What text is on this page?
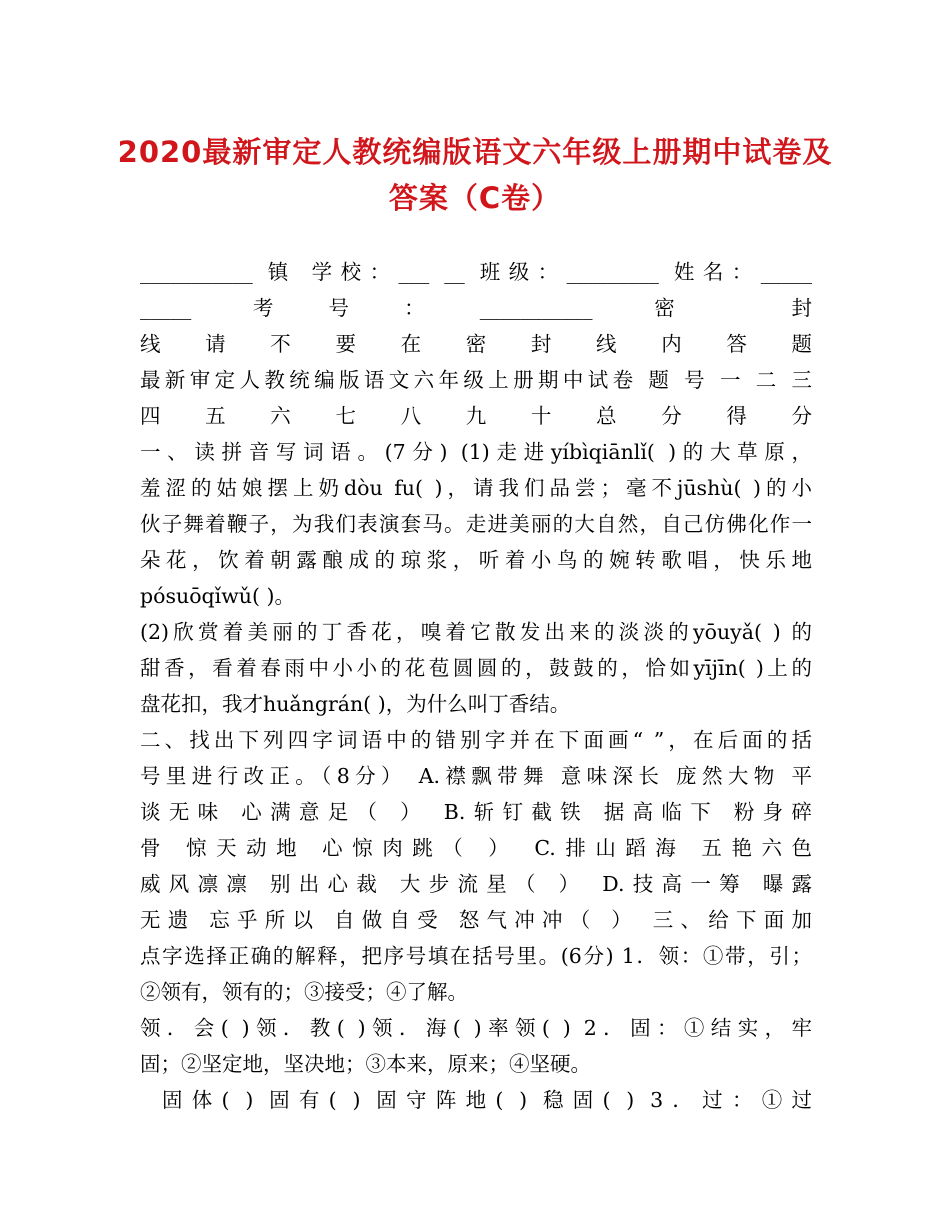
2020最新审定人教统编版语文六年级上册期中试卷及
答案（C卷）
___________ 镇 学校：___ __ 班级：_________ 姓名：_____
_____ 考号：___________ 密 封
线 请 不 要 在 密 封 线 内 答 题
最新审定人教统编版语文六年级上册期中试卷 题 号 一 二 三
四 五 六 七 八 九 十 总 分 得 分
一、读拼音写词语。(7分) (1)走进yíbìqiānlǐ( )的大草原，
羞涩的姑娘摆上奶dòu fu( )，请我们品尝；毫不jūshù( )的小
伙子舞着鞭子，为我们表演套马。走进美丽的大自然，自己仿佛化作一
朵花，饮着朝露酿成的琼浆，听着小鸟的婉转歌唱，快乐地
pósuōqǐwǔ( )。
(2)欣赏着美丽的丁香花，嗅着它散发出来的淡淡的yōuyǎ( ) 的
甜香，看着春雨中小小的花苞圆圆的，鼓鼓的，恰如yījīn( )上的
盘花扣，我才huǎngrán( )，为什么叫丁香结。
二、找出下列四字词语中的错别字并在下面画“ ”，在后面的括
号里进行改正。（8分） A.襟飘带舞 意味深长 庞然大物 平
谈无味 心满意足（ ） B.斩钉截铁 据高临下 粉身碎
骨 惊天动地 心惊肉跳（ ） C.排山蹈海 五艳六色
威风凛凛 别出心裁 大步流星（ ） D.技高一筹 曝露
无遗 忘乎所以 自做自受 怒气冲冲（ ） 三、给下面加
点字选择正确的解释，把序号填在括号里。(6分) 1．领：①带，引；
②领有，领有的；③接受；④了解。
领．会( )领．教( )领．海( )率领( ) 2．固：①结实，牢
固；②坚定地，坚决地；③本来，原来；④坚硬。
固体( ) 固有( ) 固守阵地( ) 稳固( ) 3．过：①过
